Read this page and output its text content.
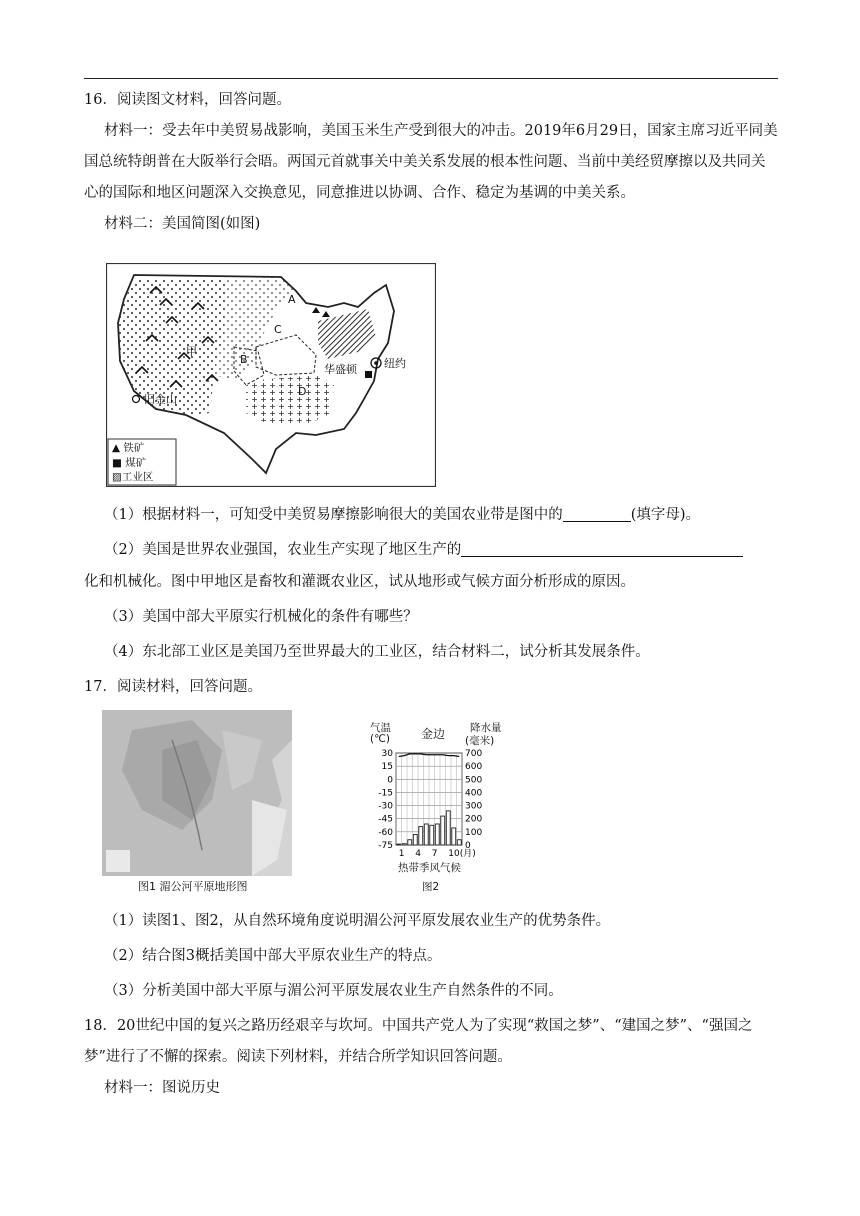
16．阅读图文材料，回答问题。

材料一：受去年中美贸易战影响，美国玉米生产受到很大的冲击。2019年6月29日，国家主席习近平同美国总统特朗普在大阪举行会晤。两国元首就事关中美关系发展的根本性问题、当前中美经贸摩擦以及共同关心的国际和地区问题深入交换意见，同意推进以协调、合作、稳定为基调的中美关系。

材料二：美国简图(如图)

A
B
C
D
甲
旧金山
纽约
华盛顿
▲ 铁矿
■ 煤矿
▨工业区

（1）根据材料一，可知受中美贸易摩擦影响很大的美国农业带是图中的	(填字母)。

（2）美国是世界农业强国，农业生产实现了地区生产的

化和机械化。图中甲地区是畜牧和灌溉农业区，试从地形或气候方面分析形成的原因。

（3）美国中部大平原实行机械化的条件有哪些？

（4）东北部工业区是美国乃至世界最大的工业区，结合材料二，试分析其发展条件。

17．阅读材料，回答问题。

图1 湄公河平原地形图
气温
(℃)	金边 降水量
(毫米)
30
15
0
-15
-30
-45
-60
-75
700
600
500
400
300
200
100
0
1 4 7 10(月)
热带季风气候
图2

（1）读图1、图2，从自然环境角度说明湄公河平原发展农业生产的优势条件。

（2）结合图3概括美国中部大平原农业生产的特点。

（3）分析美国中部大平原与湄公河平原发展农业生产自然条件的不同。

18．20世纪中国的复兴之路历经艰辛与坎坷。中国共产党人为了实现“救国之梦”、“建国之梦”、“强国之梦”进行了不懈的探索。阅读下列材料，并结合所学知识回答问题。

材料一：图说历史
